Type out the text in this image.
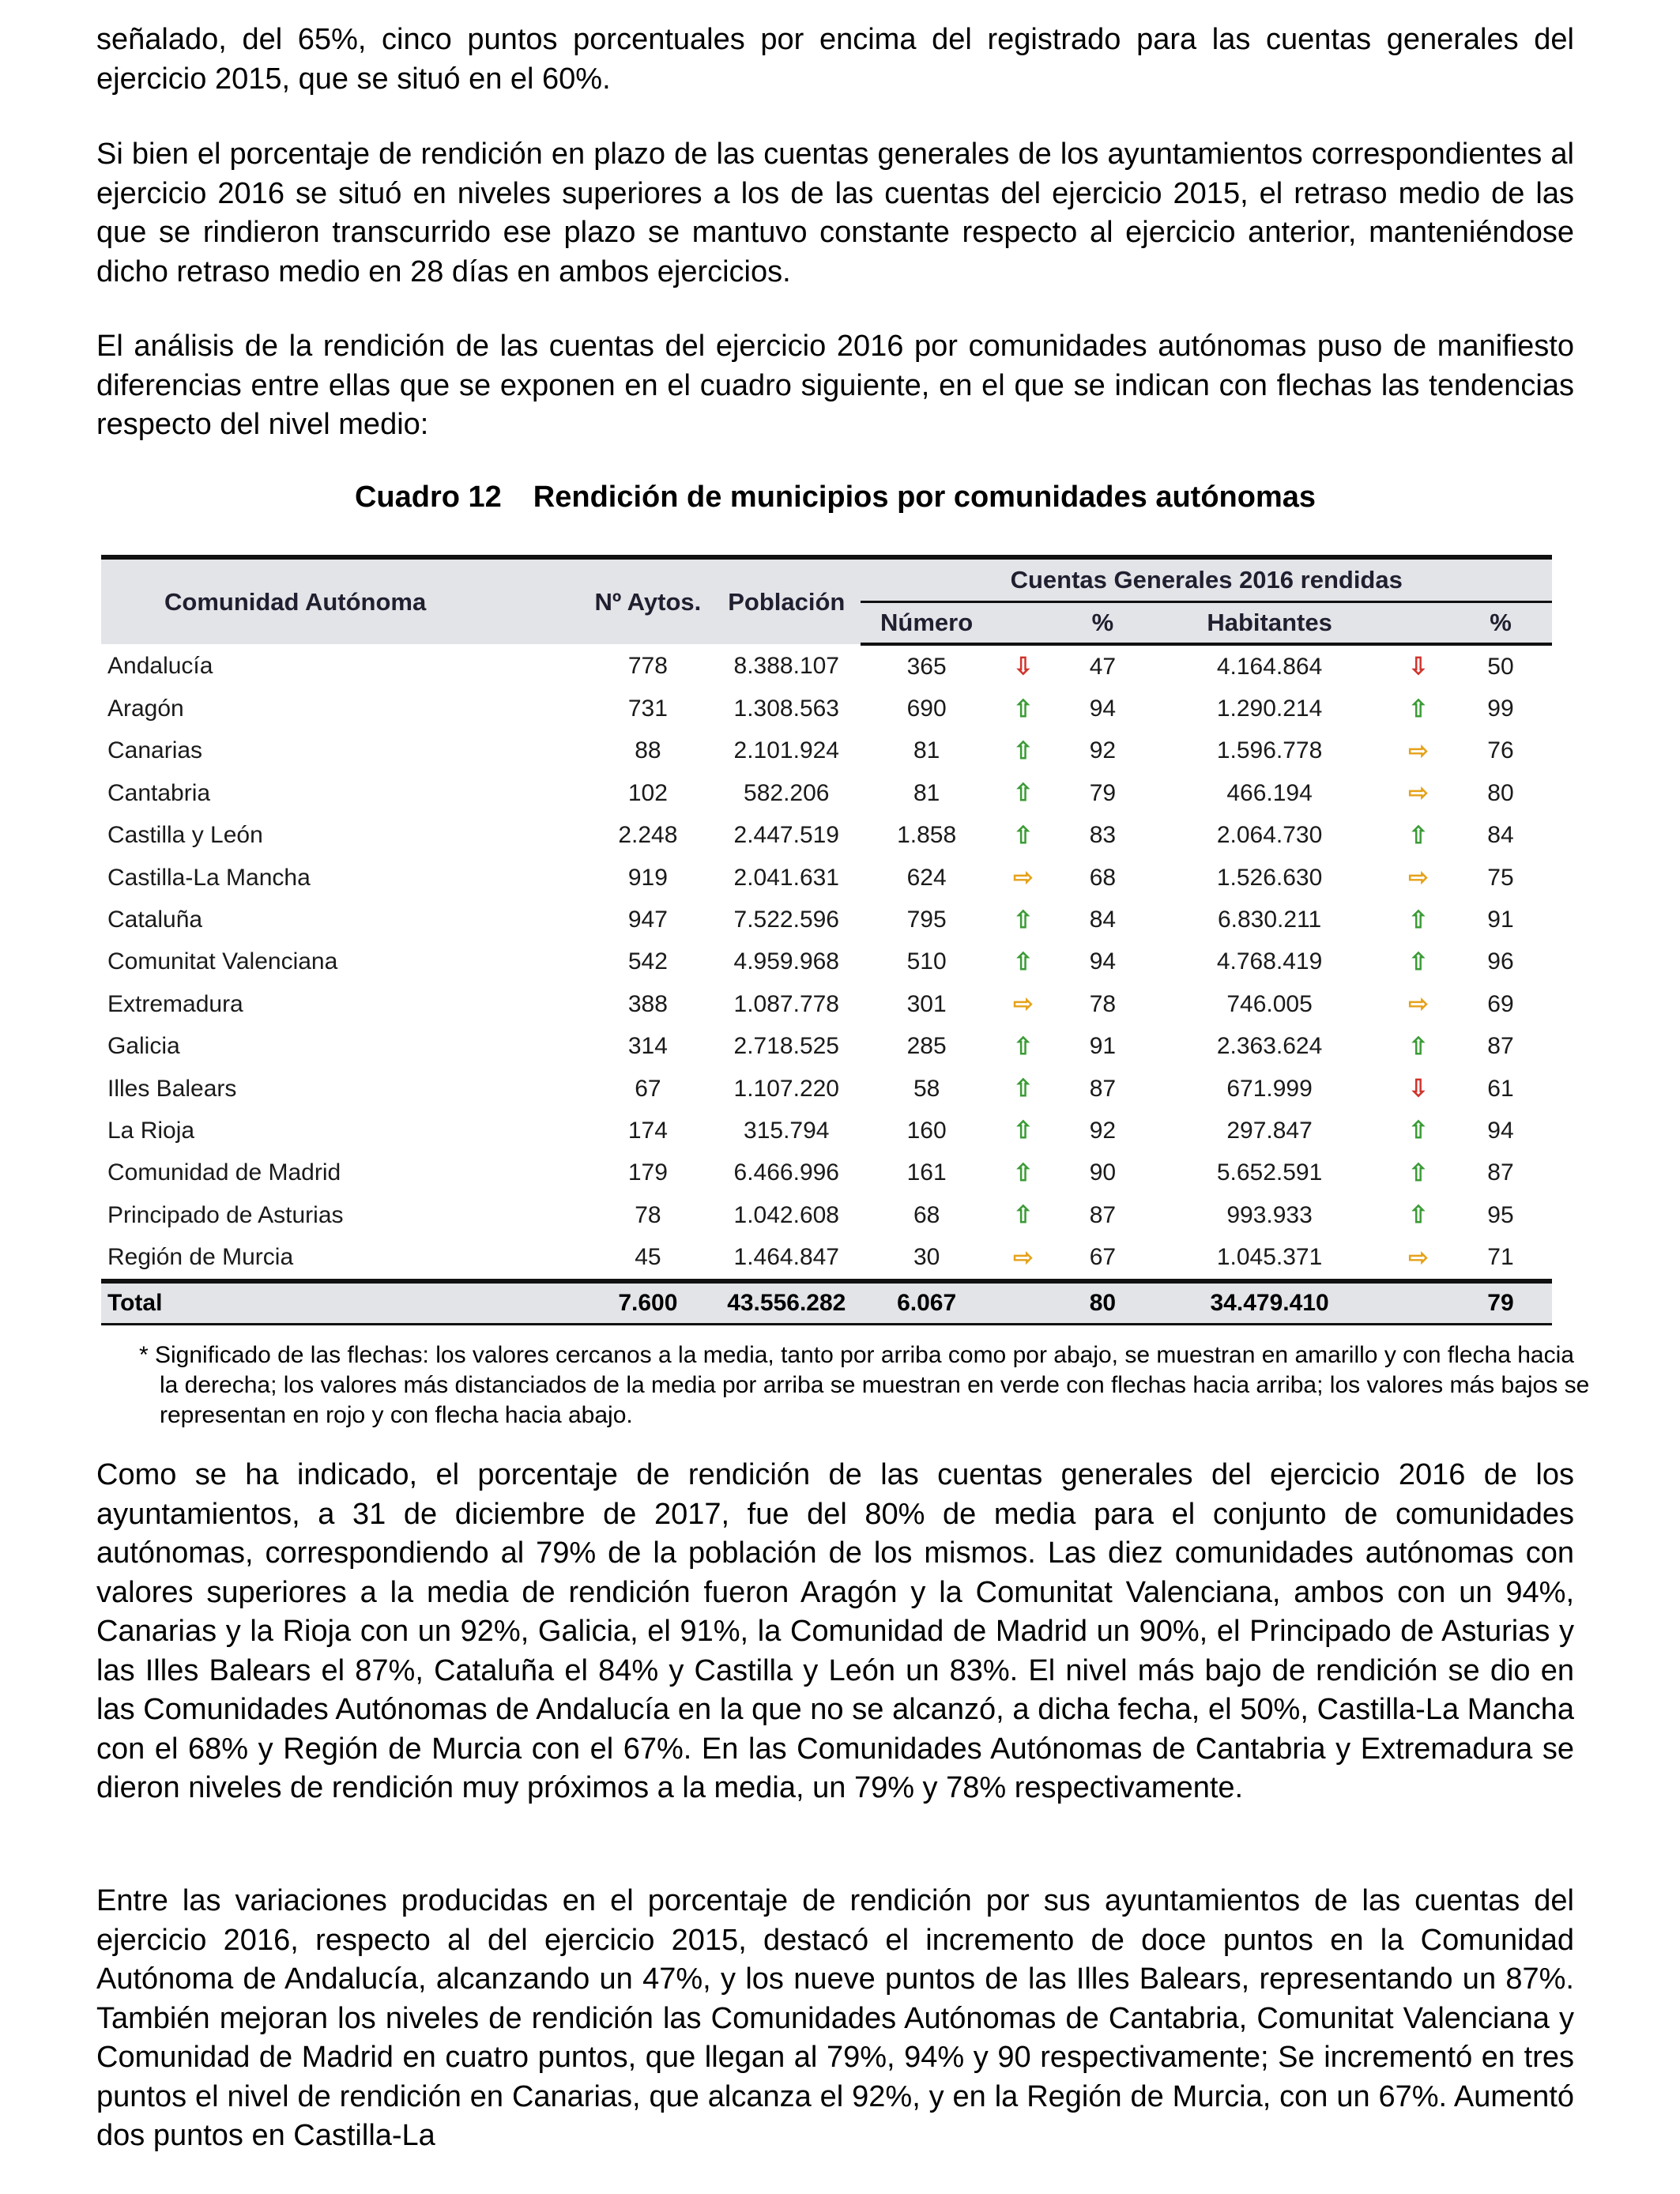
señalado, del 65%, cinco puntos porcentuales por encima del registrado para las cuentas generales del ejercicio 2015, que se situó en el 60%.

Si bien el porcentaje de rendición en plazo de las cuentas generales de los ayuntamientos correspondientes al ejercicio 2016 se situó en niveles superiores a los de las cuentas del ejercicio 2015, el retraso medio de las que se rindieron transcurrido ese plazo se mantuvo constante respecto al ejercicio anterior, manteniéndose dicho retraso medio en 28 días en ambos ejercicios.

El análisis de la rendición de las cuentas del ejercicio 2016 por comunidades autónomas puso de manifiesto diferencias entre ellas que se exponen en el cuadro siguiente, en el que se indican con flechas las tendencias respecto del nivel medio:

Cuadro 12 Rendición de municipios por comunidades autónomas
Comunidad Autónoma	Nº Aytos.	Población	Cuentas Generales 2016 rendidas					
			Número		%	Habitantes		%
Andalucía	778	8.388.107	365	⇩	47	4.164.864	⇩	50
Aragón	731	1.308.563	690	⇧	94	1.290.214	⇧	99
Canarias	88	2.101.924	81	⇧	92	1.596.778	⇨	76
Cantabria	102	582.206	81	⇧	79	466.194	⇨	80
Castilla y León	2.248	2.447.519	1.858	⇧	83	2.064.730	⇧	84
Castilla-La Mancha	919	2.041.631	624	⇨	68	1.526.630	⇨	75
Cataluña	947	7.522.596	795	⇧	84	6.830.211	⇧	91
Comunitat Valenciana	542	4.959.968	510	⇧	94	4.768.419	⇧	96
Extremadura	388	1.087.778	301	⇨	78	746.005	⇨	69
Galicia	314	2.718.525	285	⇧	91	2.363.624	⇧	87
Illes Balears	67	1.107.220	58	⇧	87	671.999	⇩	61
La Rioja	174	315.794	160	⇧	92	297.847	⇧	94
Comunidad de Madrid	179	6.466.996	161	⇧	90	5.652.591	⇧	87
Principado de Asturias	78	1.042.608	68	⇧	87	993.933	⇧	95
Región de Murcia	45	1.464.847	30	⇨	67	1.045.371	⇨	71
Total	7.600	43.556.282	6.067		80	34.479.410		79

* Significado de las flechas: los valores cercanos a la media, tanto por arriba como por abajo, se muestran en amarillo y con flecha hacia la derecha; los valores más distanciados de la media por arriba se muestran en verde con flechas hacia arriba; los valores más bajos se representan en rojo y con flecha hacia abajo.

Como se ha indicado, el porcentaje de rendición de las cuentas generales del ejercicio 2016 de los ayuntamientos, a 31 de diciembre de 2017, fue del 80% de media para el conjunto de comunidades autónomas, correspondiendo al 79% de la población de los mismos. Las diez comunidades autónomas con valores superiores a la media de rendición fueron Aragón y la Comunitat Valenciana, ambos con un 94%, Canarias y la Rioja con un 92%, Galicia, el 91%, la Comunidad de Madrid un 90%, el Principado de Asturias y las Illes Balears el 87%, Cataluña el 84% y Castilla y León un 83%. El nivel más bajo de rendición se dio en las Comunidades Autónomas de Andalucía en la que no se alcanzó, a dicha fecha, el 50%, Castilla-La Mancha con el 68% y Región de Murcia con el 67%. En las Comunidades Autónomas de Cantabria y Extremadura se dieron niveles de rendición muy próximos a la media, un 79% y 78% respectivamente.

Entre las variaciones producidas en el porcentaje de rendición por sus ayuntamientos de las cuentas del ejercicio 2016, respecto al del ejercicio 2015, destacó el incremento de doce puntos en la Comunidad Autónoma de Andalucía, alcanzando un 47%, y los nueve puntos de las Illes Balears, representando un 87%. También mejoran los niveles de rendición las Comunidades Autónomas de Cantabria, Comunitat Valenciana y Comunidad de Madrid en cuatro puntos, que llegan al 79%, 94% y 90 respectivamente; Se incrementó en tres puntos el nivel de rendición en Canarias, que alcanza el 92%, y en la Región de Murcia, con un 67%. Aumentó dos puntos en Castilla-La
